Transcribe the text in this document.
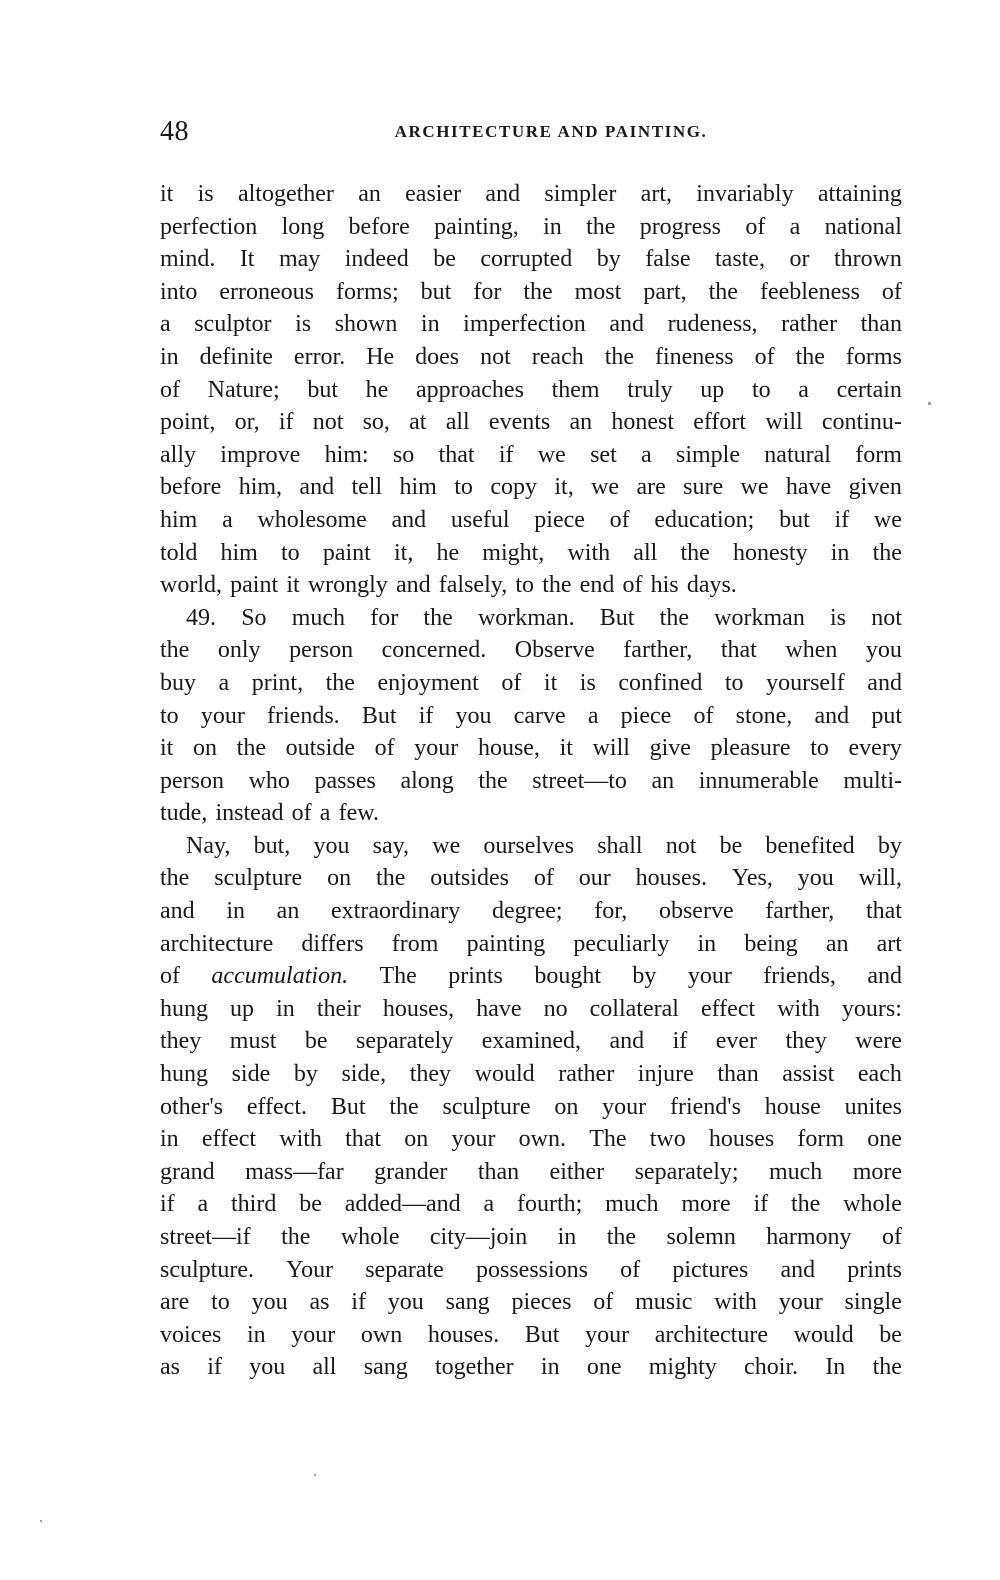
48	ARCHITECTURE AND PAINTING.
it is altogether an easier and simpler art, invariably attaining
perfection long before painting, in the progress of a national
mind. It may indeed be corrupted by false taste, or thrown
into erroneous forms; but for the most part, the feebleness of
a sculptor is shown in imperfection and rudeness, rather than
in definite error. He does not reach the fineness of the forms
of Nature; but he approaches them truly up to a certain
point, or, if not so, at all events an honest effort will continu-
ally improve him: so that if we set a simple natural form
before him, and tell him to copy it, we are sure we have given
him a wholesome and useful piece of education; but if we
told him to paint it, he might, with all the honesty in the
world, paint it wrongly and falsely, to the end of his days.
49. So much for the workman. But the workman is not
the only person concerned. Observe farther, that when you
buy a print, the enjoyment of it is confined to yourself and
to your friends. But if you carve a piece of stone, and put
it on the outside of your house, it will give pleasure to every
person who passes along the street—to an innumerable multi-
tude, instead of a few.
Nay, but, you say, we ourselves shall not be benefited by
the sculpture on the outsides of our houses. Yes, you will,
and in an extraordinary degree; for, observe farther, that
architecture differs from painting peculiarly in being an art
of accumulation. The prints bought by your friends, and
hung up in their houses, have no collateral effect with yours:
they must be separately examined, and if ever they were
hung side by side, they would rather injure than assist each
other's effect. But the sculpture on your friend's house unites
in effect with that on your own. The two houses form one
grand mass—far grander than either separately; much more
if a third be added—and a fourth; much more if the whole
street—if the whole city—join in the solemn harmony of
sculpture. Your separate possessions of pictures and prints
are to you as if you sang pieces of music with your single
voices in your own houses. But your architecture would be
as if you all sang together in one mighty choir. In the
